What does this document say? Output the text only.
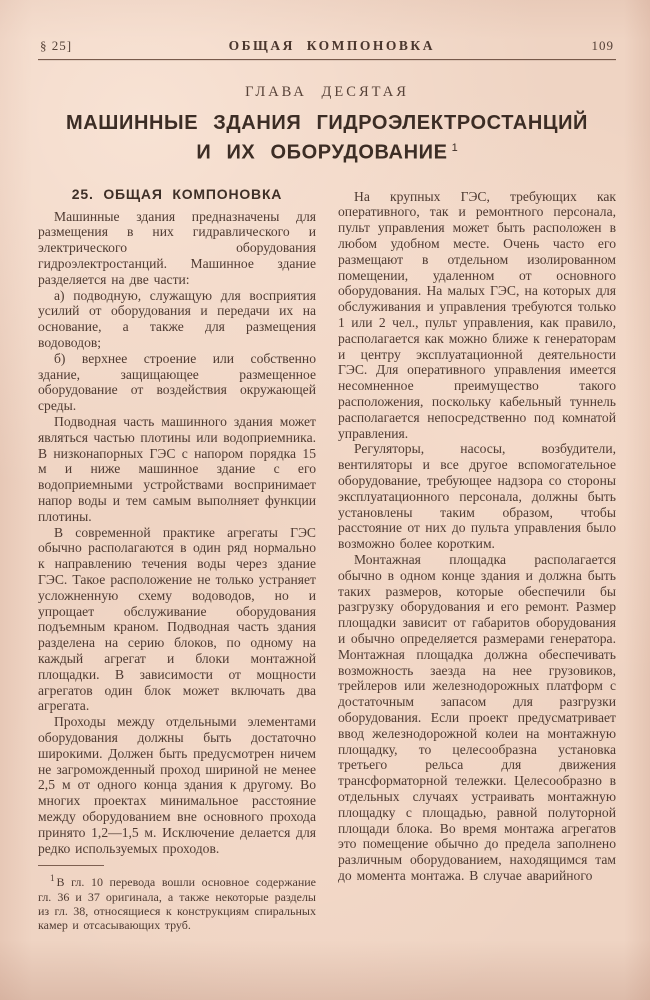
§ 25]	ОБЩАЯ КОМПОНОВКА	109
ГЛАВА ДЕСЯТАЯ
МАШИННЫЕ ЗДАНИЯ ГИДРОЭЛЕКТРОСТАНЦИЙ И ИХ ОБОРУДОВАНИЕ $^1$
25. ОБЩАЯ КОМПОНОВКА

Машинные здания предназначены для размещения в них гидравлического и электрического оборудования гидроэлектростанций. Машинное здание разделяется на две части:

а) подводную, служащую для восприятия усилий от оборудования и передачи их на основание, а также для размещения водоводов;

б) верхнее строение или собственно здание, защищающее размещенное оборудование от воздействия окружающей среды.

Подводная часть машинного здания может являться частью плотины или водоприемника. В низконапорных ГЭС с напором порядка 15 м и ниже машинное здание с его водоприемными устройствами воспринимает напор воды и тем самым выполняет функции плотины.

В современной практике агрегаты ГЭС обычно располагаются в один ряд нормально к направлению течения воды через здание ГЭС. Такое расположение не только устраняет усложненную схему водоводов, но и упрощает обслуживание оборудования подъемным краном. Подводная часть здания разделена на серию блоков, по одному на каждый агрегат и блоки монтажной площадки. В зависимости от мощности агрегатов один блок может включать два агрегата.

Проходы между отдельными элементами оборудования должны быть достаточно широкими. Должен быть предусмотрен ничем не загроможденный проход шириной не менее 2,5 м от одного конца здания к другому. Во многих проектах минимальное расстояние между оборудованием вне основного прохода принято 1,2—1,5 м. Исключение делается для редко используемых проходов.

$^1$ В гл. 10 перевода вошли основное содержание гл. 36 и 37 оригинала, а также некоторые разделы из гл. 38, относящиеся к конструкциям спиральных камер и отсасывающих труб.

На крупных ГЭС, требующих как оперативного, так и ремонтного персонала, пульт управления может быть расположен в любом удобном месте. Очень часто его размещают в отдельном изолированном помещении, удаленном от основного оборудования. На малых ГЭС, на которых для обслуживания и управления требуются только 1 или 2 чел., пульт управления, как правило, располагается как можно ближе к генераторам и центру эксплуатационной деятельности ГЭС. Для оперативного управления имеется несомненное преимущество такого расположения, поскольку кабельный туннель располагается непосредственно под комнатой управления.

Регуляторы, насосы, возбудители, вентиляторы и все другое вспомогательное оборудование, требующее надзора со стороны эксплуатационного персонала, должны быть установлены таким образом, чтобы расстояние от них до пульта управления было возможно более коротким.

Монтажная площадка располагается обычно в одном конце здания и должна быть таких размеров, которые обеспечили бы разгрузку оборудования и его ремонт. Размер площадки зависит от габаритов оборудования и обычно определяется размерами генератора. Монтажная площадка должна обеспечивать возможность заезда на нее грузовиков, трейлеров или железнодорожных платформ с достаточным запасом для разгрузки оборудования. Если проект предусматривает ввод железнодорожной колеи на монтажную площадку, то целесообразна установка третьего рельса для движения трансформаторной тележки. Целесообразно в отдельных случаях устраивать монтажную площадку с площадью, равной полуторной площади блока. Во время монтажа агрегатов это помещение обычно до предела заполнено различным оборудованием, находящимся там до момента монтажа. В случае аварийного
